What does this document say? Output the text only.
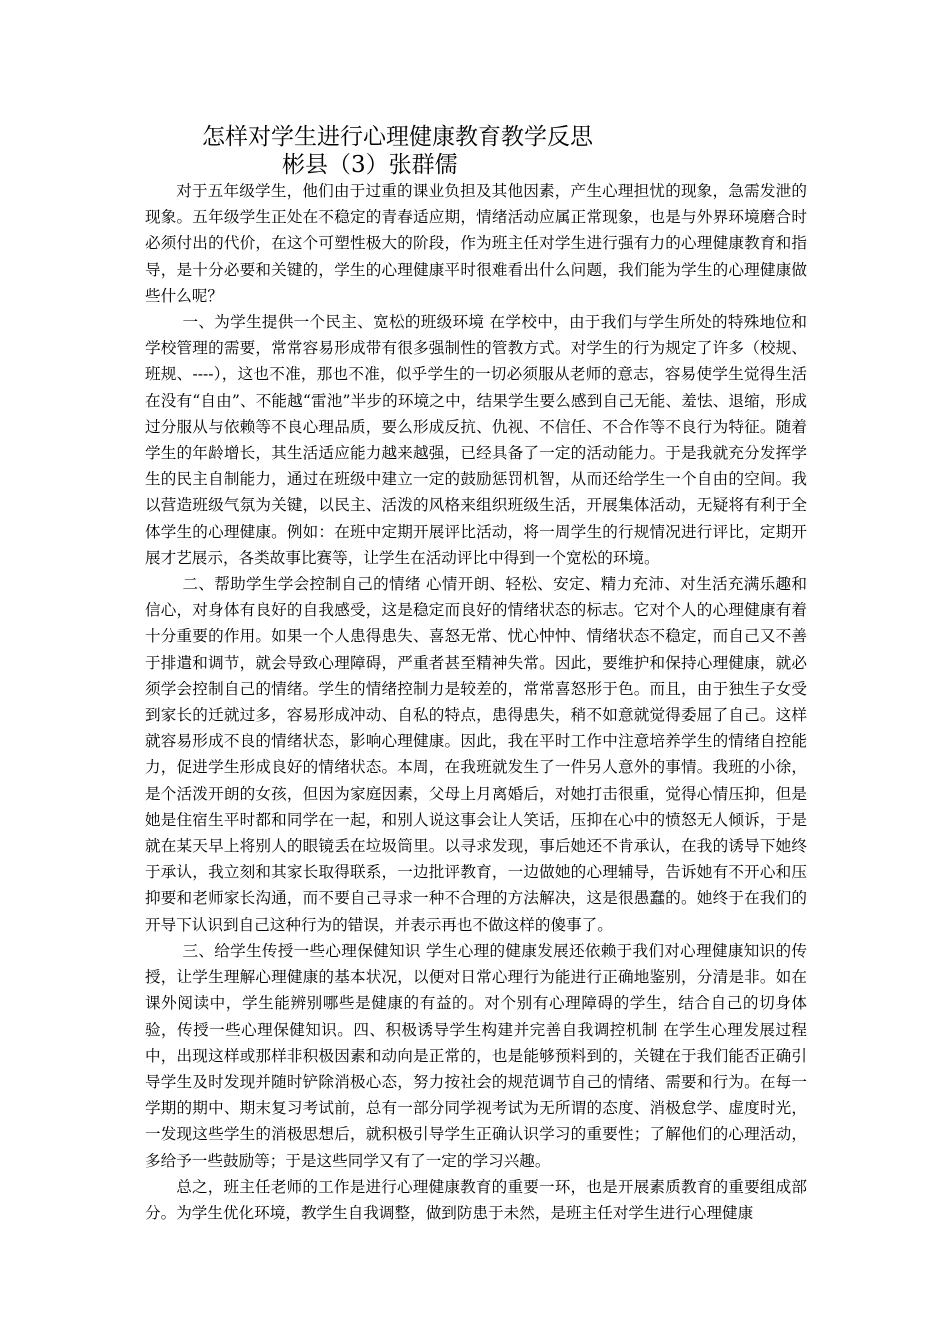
怎样对学生进行心理健康教育教学反思
彬县（3）张群儒

对于五年级学生，他们由于过重的课业负担及其他因素，产生心理担忧的现象，急需发泄的现象。五年级学生正处在不稳定的青春适应期，情绪活动应属正常现象，也是与外界环境磨合时必须付出的代价，在这个可塑性极大的阶段，作为班主任对学生进行强有力的心理健康教育和指导，是十分必要和关键的，学生的心理健康平时很难看出什么问题，我们能为学生的心理健康做些什么呢？

一、为学生提供一个民主、宽松的班级环境 在学校中，由于我们与学生所处的特殊地位和学校管理的需要，常常容易形成带有很多强制性的管教方式。对学生的行为规定了许多（校规、班规、----），这也不准，那也不准，似乎学生的一切必须服从老师的意志，容易使学生觉得生活在没有“自由”、不能越“雷池”半步的环境之中，结果学生要么感到自己无能、羞怯、退缩，形成过分服从与依赖等不良心理品质，要么形成反抗、仇视、不信任、不合作等不良行为特征。随着学生的年龄增长，其生活适应能力越来越强，已经具备了一定的活动能力。于是我就充分发挥学生的民主自制能力，通过在班级中建立一定的鼓励惩罚机智，从而还给学生一个自由的空间。我以营造班级气氛为关键，以民主、活泼的风格来组织班级生活，开展集体活动，无疑将有利于全体学生的心理健康。例如：在班中定期开展评比活动，将一周学生的行规情况进行评比，定期开展才艺展示，各类故事比赛等，让学生在活动评比中得到一个宽松的环境。

二、帮助学生学会控制自己的情绪 心情开朗、轻松、安定、精力充沛、对生活充满乐趣和信心，对身体有良好的自我感受，这是稳定而良好的情绪状态的标志。它对个人的心理健康有着十分重要的作用。如果一个人患得患失、喜怒无常、忧心忡忡、情绪状态不稳定，而自己又不善于排遣和调节，就会导致心理障碍，严重者甚至精神失常。因此，要维护和保持心理健康，就必须学会控制自己的情绪。学生的情绪控制力是较差的，常常喜怒形于色。而且，由于独生子女受到家长的迁就过多，容易形成冲动、自私的特点，患得患失，稍不如意就觉得委屈了自己。这样就容易形成不良的情绪状态，影响心理健康。因此，我在平时工作中注意培养学生的情绪自控能力，促进学生形成良好的情绪状态。本周，在我班就发生了一件另人意外的事情。我班的小徐，是个活泼开朗的女孩，但因为家庭因素，父母上月离婚后，对她打击很重，觉得心情压抑，但是她是住宿生平时都和同学在一起，和别人说这事会让人笑话，压抑在心中的愤怒无人倾诉，于是就在某天早上将别人的眼镜丢在垃圾筒里。以寻求发现，事后她还不肯承认，在我的诱导下她终于承认，我立刻和其家长取得联系，一边批评教育，一边做她的心理辅导，告诉她有不开心和压抑要和老师家长沟通，而不要自己寻求一种不合理的方法解决，这是很愚蠢的。她终于在我们的开导下认识到自己这种行为的错误，并表示再也不做这样的傻事了。

三、给学生传授一些心理保健知识 学生心理的健康发展还依赖于我们对心理健康知识的传授，让学生理解心理健康的基本状况，以便对日常心理行为能进行正确地鉴别，分清是非。如在课外阅读中，学生能辨别哪些是健康的有益的。对个别有心理障碍的学生，结合自己的切身体验，传授一些心理保健知识。四、积极诱导学生构建并完善自我调控机制 在学生心理发展过程中，出现这样或那样非积极因素和动向是正常的，也是能够预料到的，关键在于我们能否正确引导学生及时发现并随时铲除消极心态，努力按社会的规范调节自己的情绪、需要和行为。在每一学期的期中、期末复习考试前，总有一部分同学视考试为无所谓的态度、消极怠学、虚度时光，一发现这些学生的消极思想后，就积极引导学生正确认识学习的重要性；了解他们的心理活动，多给予一些鼓励等；于是这些同学又有了一定的学习兴趣。

总之，班主任老师的工作是进行心理健康教育的重要一环，也是开展素质教育的重要组成部分。为学生优化环境，教学生自我调整，做到防患于未然，是班主任对学生进行心理健康
